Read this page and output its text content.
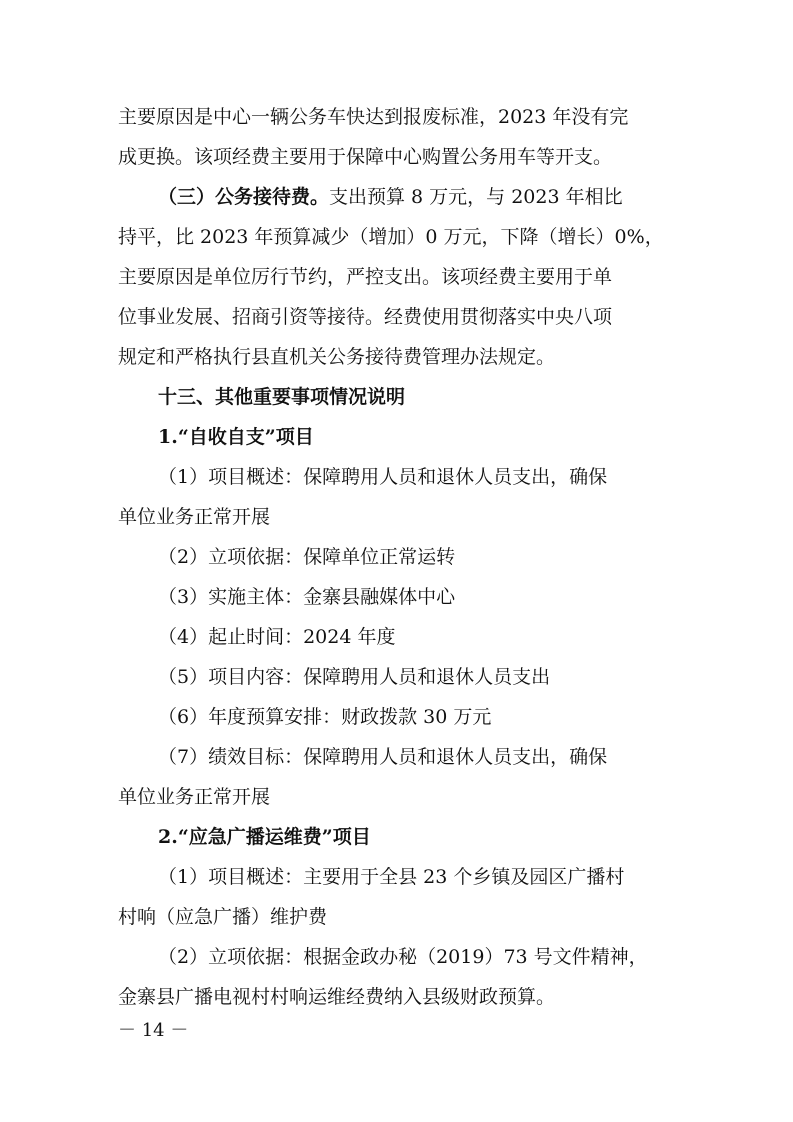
主要原因是中心一辆公务车快达到报废标准，2023 年没有完
成更换。该项经费主要用于保障中心购置公务用车等开支。
（三）公务接待费。支出预算 8 万元，与 2023 年相比
持平，比 2023 年预算减少（增加）0 万元，下降（增长）0%，
主要原因是单位厉行节约，严控支出。该项经费主要用于单
位事业发展、招商引资等接待。经费使用贯彻落实中央八项
规定和严格执行县直机关公务接待费管理办法规定。
十三、其他重要事项情况说明
1.“自收自支”项目
（1）项目概述：保障聘用人员和退休人员支出，确保
单位业务正常开展
（2）立项依据：保障单位正常运转
（3）实施主体：金寨县融媒体中心
（4）起止时间：2024 年度
（5）项目内容：保障聘用人员和退休人员支出
（6）年度预算安排：财政拨款 30 万元
（7）绩效目标：保障聘用人员和退休人员支出，确保
单位业务正常开展
2.“应急广播运维费”项目
（1）项目概述：主要用于全县 23 个乡镇及园区广播村
村响（应急广播）维护费
（2）立项依据：根据金政办秘（2019）73 号文件精神，
金寨县广播电视村村响运维经费纳入县级财政预算。
－ 14 －
